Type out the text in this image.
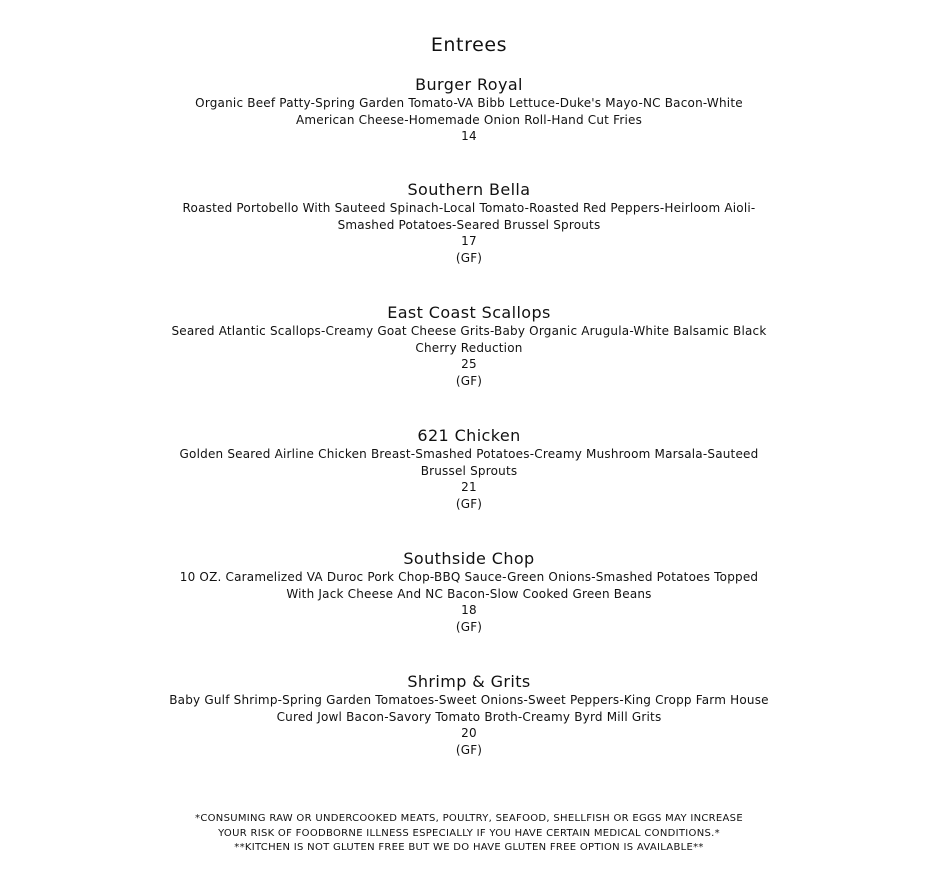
Entrees
Burger Royal
Organic Beef Patty-Spring Garden Tomato-VA Bibb Lettuce-Duke's Mayo-NC Bacon-White American Cheese-Homemade Onion Roll-Hand Cut Fries
14
Southern Bella
Roasted Portobello With Sauteed Spinach-Local Tomato-Roasted Red Peppers-Heirloom Aioli-Smashed Potatoes-Seared Brussel Sprouts
17
(GF)
East Coast Scallops
Seared Atlantic Scallops-Creamy Goat Cheese Grits-Baby Organic Arugula-White Balsamic Black Cherry Reduction
25
(GF)
621 Chicken
Golden Seared Airline Chicken Breast-Smashed Potatoes-Creamy Mushroom Marsala-Sauteed Brussel Sprouts
21
(GF)
Southside Chop
10 OZ. Caramelized VA Duroc Pork Chop-BBQ Sauce-Green Onions-Smashed Potatoes Topped With Jack Cheese And NC Bacon-Slow Cooked Green Beans
18
(GF)
Shrimp & Grits
Baby Gulf Shrimp-Spring Garden Tomatoes-Sweet Onions-Sweet Peppers-King Cropp Farm House Cured Jowl Bacon-Savory Tomato Broth-Creamy Byrd Mill Grits
20
(GF)
*CONSUMING RAW OR UNDERCOOKED MEATS, POULTRY, SEAFOOD, SHELLFISH OR EGGS MAY INCREASE YOUR RISK OF FOODBORNE ILLNESS ESPECIALLY IF YOU HAVE CERTAIN MEDICAL CONDITIONS.*
**KITCHEN IS NOT GLUTEN FREE BUT WE DO HAVE GLUTEN FREE OPTION IS AVAILABLE**
